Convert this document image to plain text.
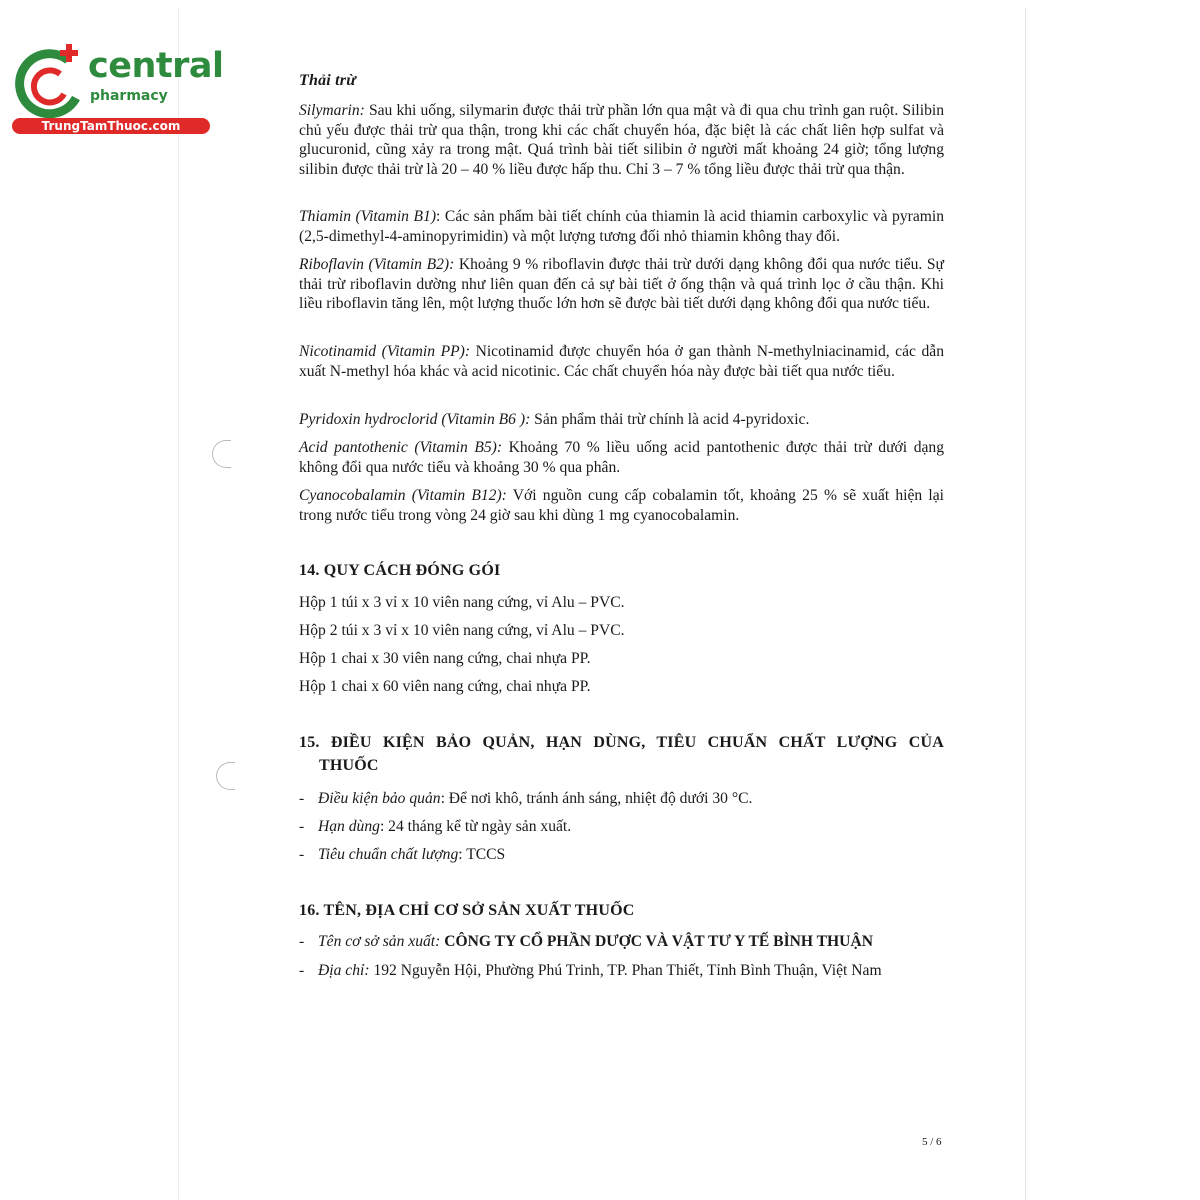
central
pharmacy
TrungTamThuoc.com
Thải trừ
Silymarin: Sau khi uống, silymarin được thải trừ phần lớn qua mật và đi qua chu trình gan ruột. Silibin chủ yếu được thải trừ qua thận, trong khi các chất chuyển hóa, đặc biệt là các chất liên hợp sulfat và glucuronid, cũng xảy ra trong mật. Quá trình bài tiết silibin ở người mất khoảng 24 giờ; tổng lượng silibin được thải trừ là 20 – 40 % liều được hấp thu. Chỉ 3 – 7 % tổng liều được thải trừ qua thận.
Thiamin (Vitamin B1): Các sản phẩm bài tiết chính của thiamin là acid thiamin carboxylic và pyramin (2,5-dimethyl-4-aminopyrimidin) và một lượng tương đối nhỏ thiamin không thay đổi.
Riboflavin (Vitamin B2): Khoảng 9 % riboflavin được thải trừ dưới dạng không đổi qua nước tiểu. Sự thải trừ riboflavin dường như liên quan đến cả sự bài tiết ở ống thận và quá trình lọc ở cầu thận. Khi liều riboflavin tăng lên, một lượng thuốc lớn hơn sẽ được bài tiết dưới dạng không đổi qua nước tiểu.
Nicotinamid (Vitamin PP): Nicotinamid được chuyển hóa ở gan thành N-methylniacinamid, các dẫn xuất N-methyl hóa khác và acid nicotinic. Các chất chuyển hóa này được bài tiết qua nước tiểu.
Pyridoxin hydroclorid (Vitamin B6 ): Sản phẩm thải trừ chính là acid 4-pyridoxic.
Acid pantothenic (Vitamin B5): Khoảng 70 % liều uống acid pantothenic được thải trừ dưới dạng không đổi qua nước tiểu và khoảng 30 % qua phân.
Cyanocobalamin (Vitamin B12): Với nguồn cung cấp cobalamin tốt, khoảng 25 % sẽ xuất hiện lại trong nước tiểu trong vòng 24 giờ sau khi dùng 1 mg cyanocobalamin.
14. QUY CÁCH ĐÓNG GÓI
Hộp 1 túi x 3 vỉ x 10 viên nang cứng, vỉ Alu – PVC.
Hộp 2 túi x 3 vỉ x 10 viên nang cứng, vỉ Alu – PVC.
Hộp 1 chai x 30 viên nang cứng, chai nhựa PP.
Hộp 1 chai x 60 viên nang cứng, chai nhựa PP.
15. ĐIỀU KIỆN BẢO QUẢN, HẠN DÙNG, TIÊU CHUẨN CHẤT LƯỢNG CỦA
THUỐC
- Điều kiện bảo quản: Để nơi khô, tránh ánh sáng, nhiệt độ dưới 30 °C.
- Hạn dùng: 24 tháng kể từ ngày sản xuất.
- Tiêu chuẩn chất lượng: TCCS
16. TÊN, ĐỊA CHỈ CƠ SỞ SẢN XUẤT THUỐC
- Tên cơ sở sản xuất: CÔNG TY CỔ PHẦN DƯỢC VÀ VẬT TƯ Y TẾ BÌNH THUẬN
- Địa chỉ: 192 Nguyễn Hội, Phường Phú Trinh, TP. Phan Thiết, Tỉnh Bình Thuận, Việt Nam
5 / 6
